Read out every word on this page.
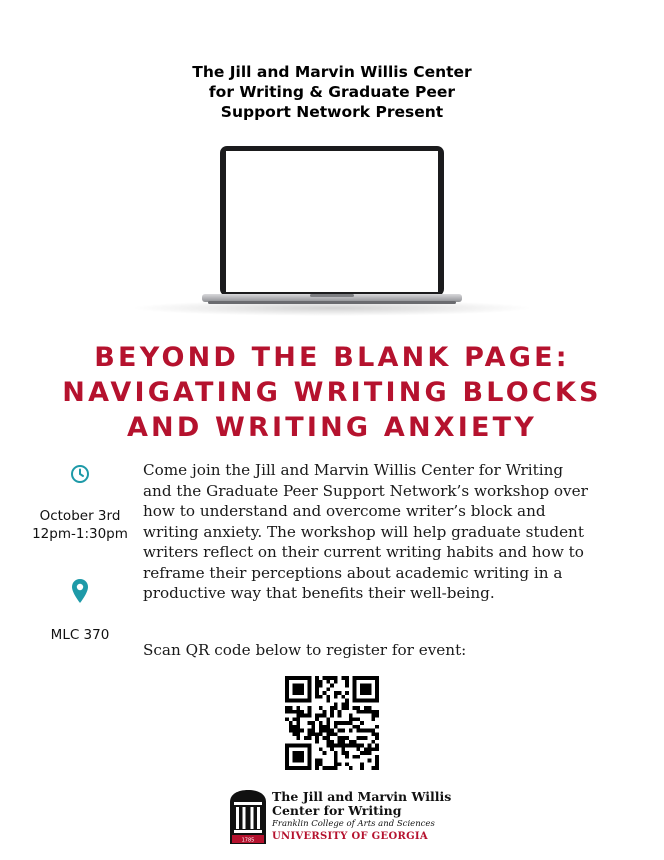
The Jill and Marvin Willis Center
for Writing & Graduate Peer
Support Network Present
BEYOND THE BLANK PAGE:
NAVIGATING WRITING BLOCKS
AND WRITING ANXIETY
October 3rd
12pm-1:30pm
MLC 370
Come join the Jill and Marvin Willis Center for Writing
and the Graduate Peer Support Network’s workshop over
how to understand and overcome writer’s block and
writing anxiety. The workshop will help graduate student
writers reflect on their current writing habits and how to
reframe their perceptions about academic writing in a
productive way that benefits their well-being.
Scan QR code below to register for event:
1785
The Jill and Marvin Willis
Center for Writing
Franklin College of Arts and Sciences
UNIVERSITY OF GEORGIA
